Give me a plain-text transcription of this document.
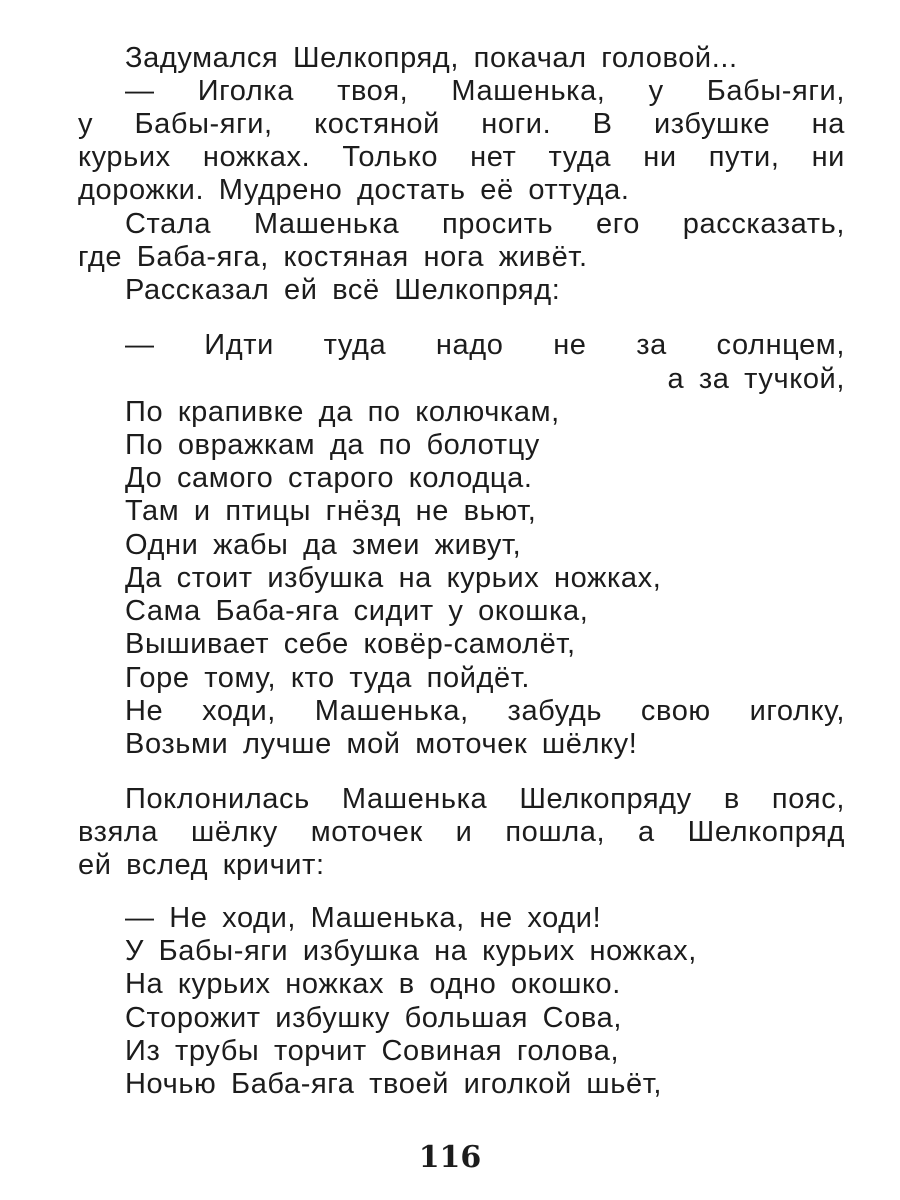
Задумался Шелкопряд, покачал головой...
— Иголка твоя, Машенька, у Бабы-яги,
у Бабы-яги, костяной ноги. В избушке на
курьих ножках. Только нет туда ни пути, ни
дорожки. Мудрено достать её оттуда.
Стала Машенька просить его рассказать,
где Баба-яга, костяная нога живёт.
Рассказал ей всё Шелкопряд:
— Идти туда надо не за солнцем,
а за тучкой,
По крапивке да по колючкам,
По овражкам да по болотцу
До самого старого колодца.
Там и птицы гнёзд не вьют,
Одни жабы да змеи живут,
Да стоит избушка на курьих ножках,
Сама Баба-яга сидит у окошка,
Вышивает себе ковёр-самолёт,
Горе тому, кто туда пойдёт.
Не ходи, Машенька, забудь свою иголку,
Возьми лучше мой моточек шёлку!
Поклонилась Машенька Шелкопряду в пояс,
взяла шёлку моточек и пошла, а Шелкопряд
ей вслед кричит:
— Не ходи, Машенька, не ходи!
У Бабы-яги избушка на курьих ножках,
На курьих ножках в одно окошко.
Сторожит избушку большая Сова,
Из трубы торчит Совиная голова,
Ночью Баба-яга твоей иголкой шьёт,
116
